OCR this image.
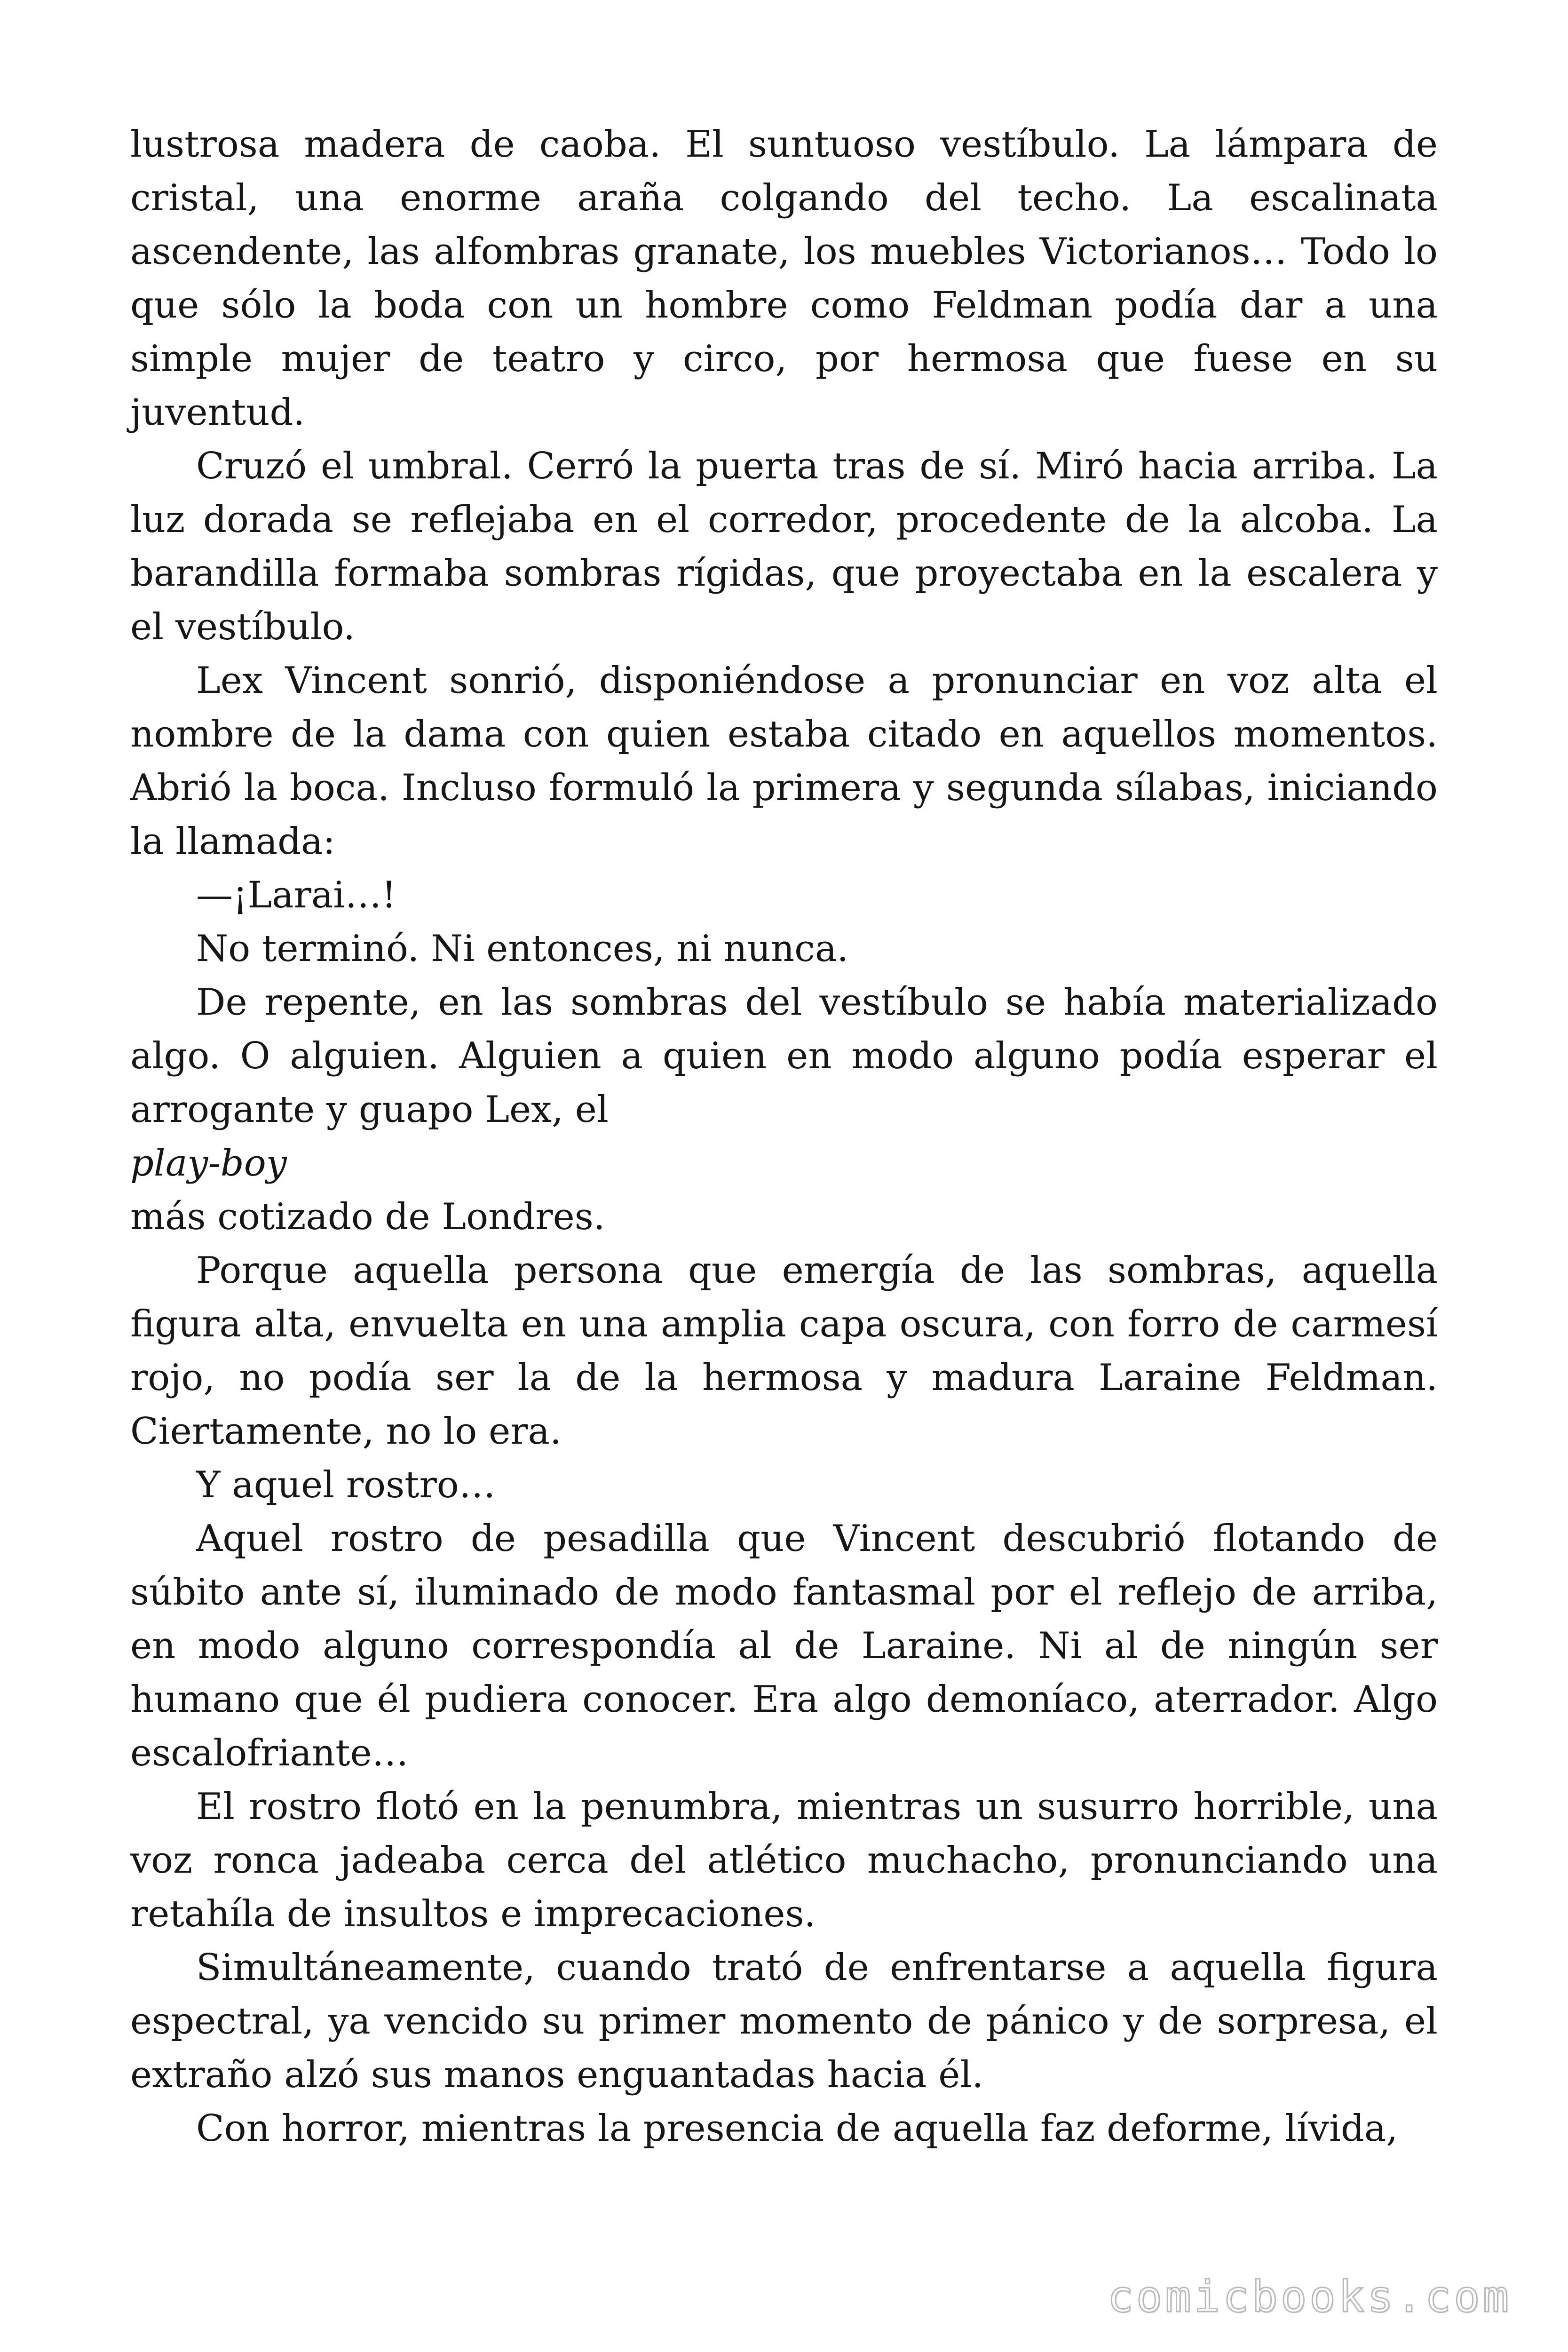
lustrosa madera de caoba. El suntuoso vestíbulo. La lámpara de cristal, una enorme araña colgando del techo. La escalinata ascendente, las alfombras granate, los muebles Victorianos… Todo lo que sólo la boda con un hombre como Feldman podía dar a una simple mujer de teatro y circo, por hermosa que fuese en su juventud.

Cruzó el umbral. Cerró la puerta tras de sí. Miró hacia arriba. La luz dorada se reflejaba en el corredor, procedente de la alcoba. La barandilla formaba sombras rígidas, que proyectaba en la escalera y el vestíbulo.

Lex Vincent sonrió, disponiéndose a pronunciar en voz alta el nombre de la dama con quien estaba citado en aquellos momentos. Abrió la boca. Incluso formuló la primera y segunda sílabas, iniciando la llamada:

—¡Larai…!

No terminó. Ni entonces, ni nunca.

De repente, en las sombras del vestíbulo se había materializado algo. O alguien. Alguien a quien en modo alguno podía esperar el arrogante y guapo Lex, el

play-boy

más cotizado de Londres.

Porque aquella persona que emergía de las sombras, aquella figura alta, envuelta en una amplia capa oscura, con forro de carmesí rojo, no podía ser la de la hermosa y madura Laraine Feldman. Ciertamente, no lo era.

Y aquel rostro…

Aquel rostro de pesadilla que Vincent descubrió flotando de súbito ante sí, iluminado de modo fantasmal por el reflejo de arriba, en modo alguno correspondía al de Laraine. Ni al de ningún ser humano que él pudiera conocer. Era algo demoníaco, aterrador. Algo escalofriante…

El rostro flotó en la penumbra, mientras un susurro horrible, una voz ronca jadeaba cerca del atlético muchacho, pronunciando una retahíla de insultos e imprecaciones.

Simultáneamente, cuando trató de enfrentarse a aquella figura espectral, ya vencido su primer momento de pánico y de sorpresa, el extraño alzó sus manos enguantadas hacia él.

Con horror, mientras la presencia de aquella faz deforme, lívida,

comicbooks.com
